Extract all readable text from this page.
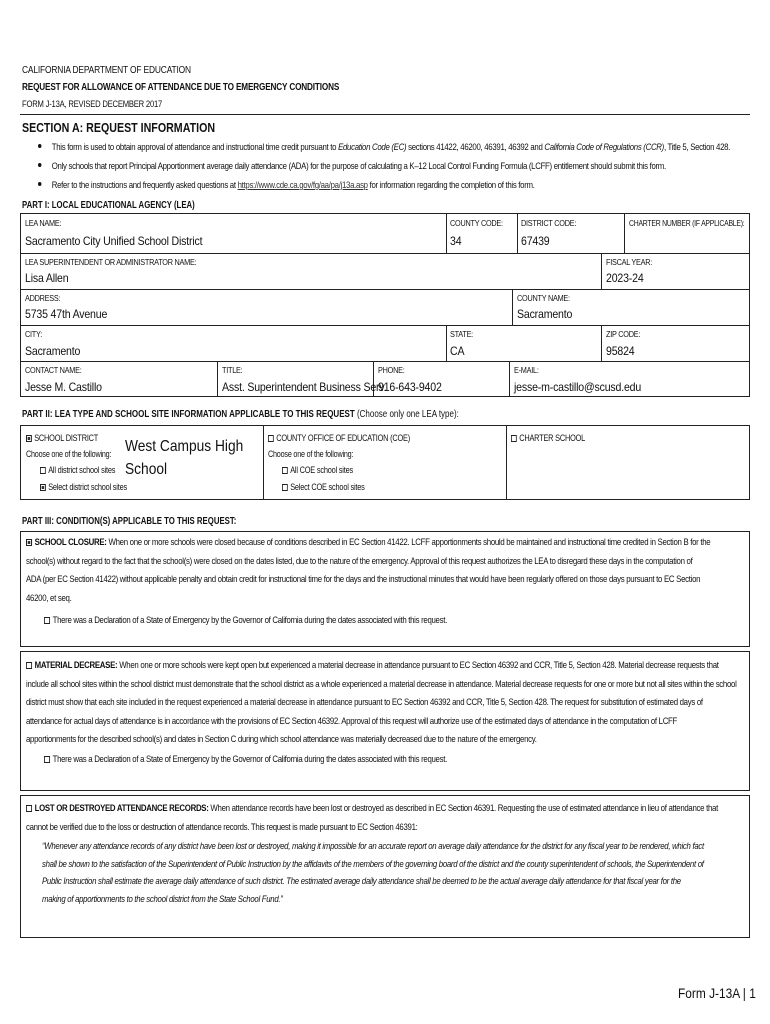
CALIFORNIA DEPARTMENT OF EDUCATION
REQUEST FOR ALLOWANCE OF ATTENDANCE DUE TO EMERGENCY CONDITIONS
FORM J-13A, REVISED DECEMBER 2017
SECTION A: REQUEST INFORMATION
This form is used to obtain approval of attendance and instructional time credit pursuant to Education Code (EC) sections 41422, 46200, 46391, 46392 and California Code of Regulations (CCR), Title 5, Section 428.
Only schools that report Principal Apportionment average daily attendance (ADA) for the purpose of calculating a K–12 Local Control Funding Formula (LCFF) entitlement should submit this form.
Refer to the instructions and frequently asked questions at https://www.cde.ca.gov/fg/aa/pa/j13a.asp for information regarding the completion of this form.
PART I: LOCAL EDUCATIONAL AGENCY (LEA)
LEA NAME:
Sacramento City Unified School District
COUNTY CODE:
34
DISTRICT CODE:
67439
CHARTER NUMBER (IF APPLICABLE):
LEA SUPERINTENDENT OR ADMINISTRATOR NAME:
Lisa Allen
FISCAL YEAR:
2023-24
ADDRESS:
5735 47th Avenue
COUNTY NAME:
Sacramento
CITY:
Sacramento
STATE:
CA
ZIP CODE:
95824
CONTACT NAME:
Jesse M. Castillo
TITLE:
Asst. Superintendent Business Serv.
PHONE:
916-643-9402
E-MAIL:
jesse-m-castillo@scusd.edu
PART II: LEA TYPE AND SCHOOL SITE INFORMATION APPLICABLE TO THIS REQUEST (Choose only one LEA type):
SCHOOL DISTRICT
Choose one of the following:
All district school sites
Select district school sites
West Campus High
School
COUNTY OFFICE OF EDUCATION (COE)
Choose one of the following:
All COE school sites
Select COE school sites
CHARTER SCHOOL
PART III: CONDITION(S) APPLICABLE TO THIS REQUEST:
SCHOOL CLOSURE: When one or more schools were closed because of conditions described in EC Section 41422. LCFF apportionments should be maintained and instructional time credited in Section B for the
school(s) without regard to the fact that the school(s) were closed on the dates listed, due to the nature of the emergency. Approval of this request authorizes the LEA to disregard these days in the computation of
ADA (per EC Section 41422) without applicable penalty and obtain credit for instructional time for the days and the instructional minutes that would have been regularly offered on those days pursuant to EC Section
46200, et seq.
There was a Declaration of a State of Emergency by the Governor of California during the dates associated with this request.
MATERIAL DECREASE: When one or more schools were kept open but experienced a material decrease in attendance pursuant to EC Section 46392 and CCR, Title 5, Section 428. Material decrease requests that
include all school sites within the school district must demonstrate that the school district as a whole experienced a material decrease in attendance. Material decrease requests for one or more but not all sites within the school
district must show that each site included in the request experienced a material decrease in attendance pursuant to EC Section 46392 and CCR, Title 5, Section 428. The request for substitution of estimated days of
attendance for actual days of attendance is in accordance with the provisions of EC Section 46392. Approval of this request will authorize use of the estimated days of attendance in the computation of LCFF
apportionments for the described school(s) and dates in Section C during which school attendance was materially decreased due to the nature of the emergency.
There was a Declaration of a State of Emergency by the Governor of California during the dates associated with this request.
LOST OR DESTROYED ATTENDANCE RECORDS: When attendance records have been lost or destroyed as described in EC Section 46391. Requesting the use of estimated attendance in lieu of attendance that
cannot be verified due to the loss or destruction of attendance records. This request is made pursuant to EC Section 46391:
“Whenever any attendance records of any district have been lost or destroyed, making it impossible for an accurate report on average daily attendance for the district for any fiscal year to be rendered, which fact
shall be shown to the satisfaction of the Superintendent of Public Instruction by the affidavits of the members of the governing board of the district and the county superintendent of schools, the Superintendent of
Public Instruction shall estimate the average daily attendance of such district. The estimated average daily attendance shall be deemed to be the actual average daily attendance for that fiscal year for the
making of apportionments to the school district from the State School Fund.”
Form J-13A | 1
